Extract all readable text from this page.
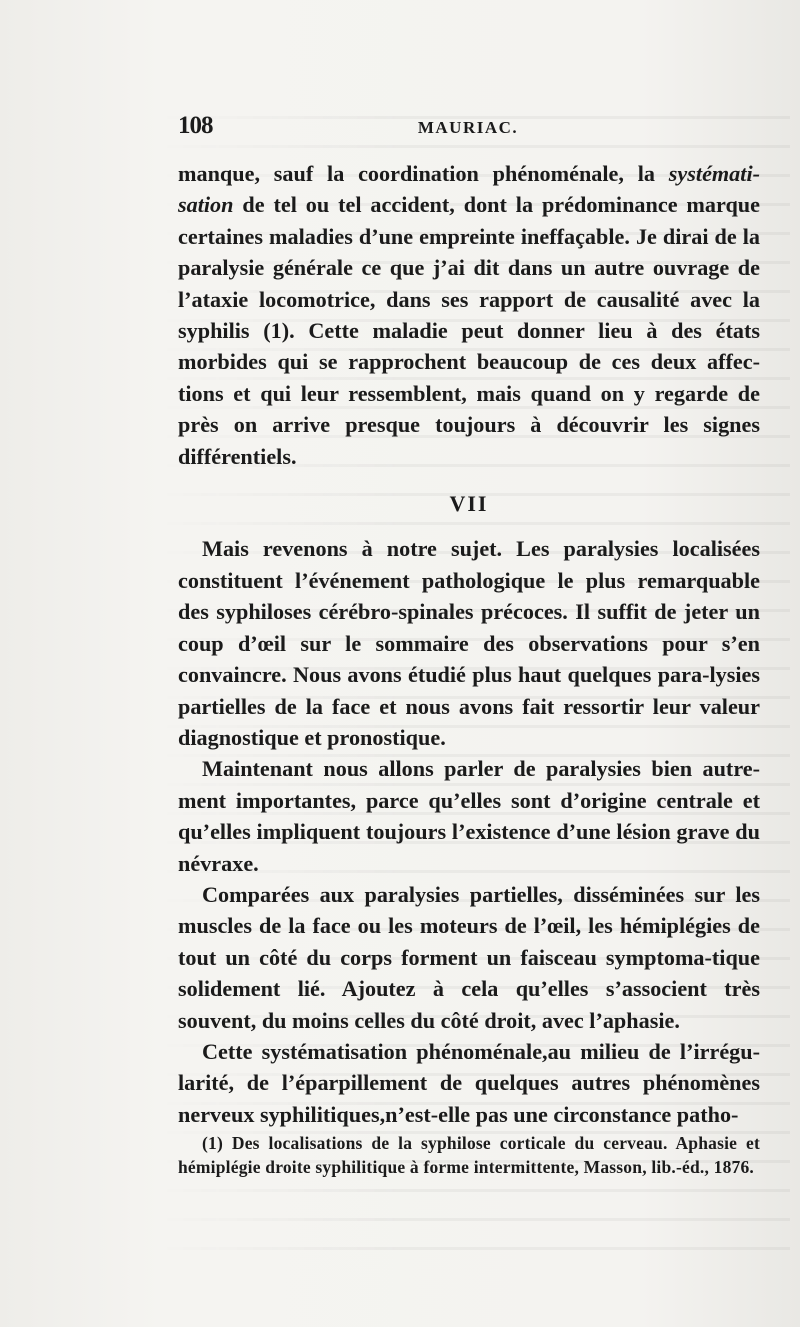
108	MAURIAC.

manque, sauf la coordination phénoménale, la systémati-sation de tel ou tel accident, dont la prédominance marque certaines maladies d’une empreinte ineffaçable. Je dirai de la paralysie générale ce que j’ai dit dans un autre ouvrage de l’ataxie locomotrice, dans ses rapport de causalité avec la syphilis (1). Cette maladie peut donner lieu à des états morbides qui se rapprochent beaucoup de ces deux affec-tions et qui leur ressemblent, mais quand on y regarde de près on arrive presque toujours à découvrir les signes différentiels.

VII

Mais revenons à notre sujet. Les paralysies localisées constituent l’événement pathologique le plus remarquable des syphiloses cérébro-spinales précoces. Il suffit de jeter un coup d’œil sur le sommaire des observations pour s’en convaincre. Nous avons étudié plus haut quelques para-lysies partielles de la face et nous avons fait ressortir leur valeur diagnostique et pronostique.

Maintenant nous allons parler de paralysies bien autre-ment importantes, parce qu’elles sont d’origine centrale et qu’elles impliquent toujours l’existence d’une lésion grave du névraxe.

Comparées aux paralysies partielles, disséminées sur les muscles de la face ou les moteurs de l’œil, les hémiplégies de tout un côté du corps forment un faisceau symptoma-tique solidement lié. Ajoutez à cela qu’elles s’associent très souvent, du moins celles du côté droit, avec l’aphasie.

Cette systématisation phénoménale,au milieu de l’irrégu-larité, de l’éparpillement de quelques autres phénomènes nerveux syphilitiques,n’est-elle pas une circonstance patho-

(1) Des localisations de la syphilose corticale du cerveau. Aphasie et hémiplégie droite syphilitique à forme intermittente, Masson, lib.-éd., 1876.
